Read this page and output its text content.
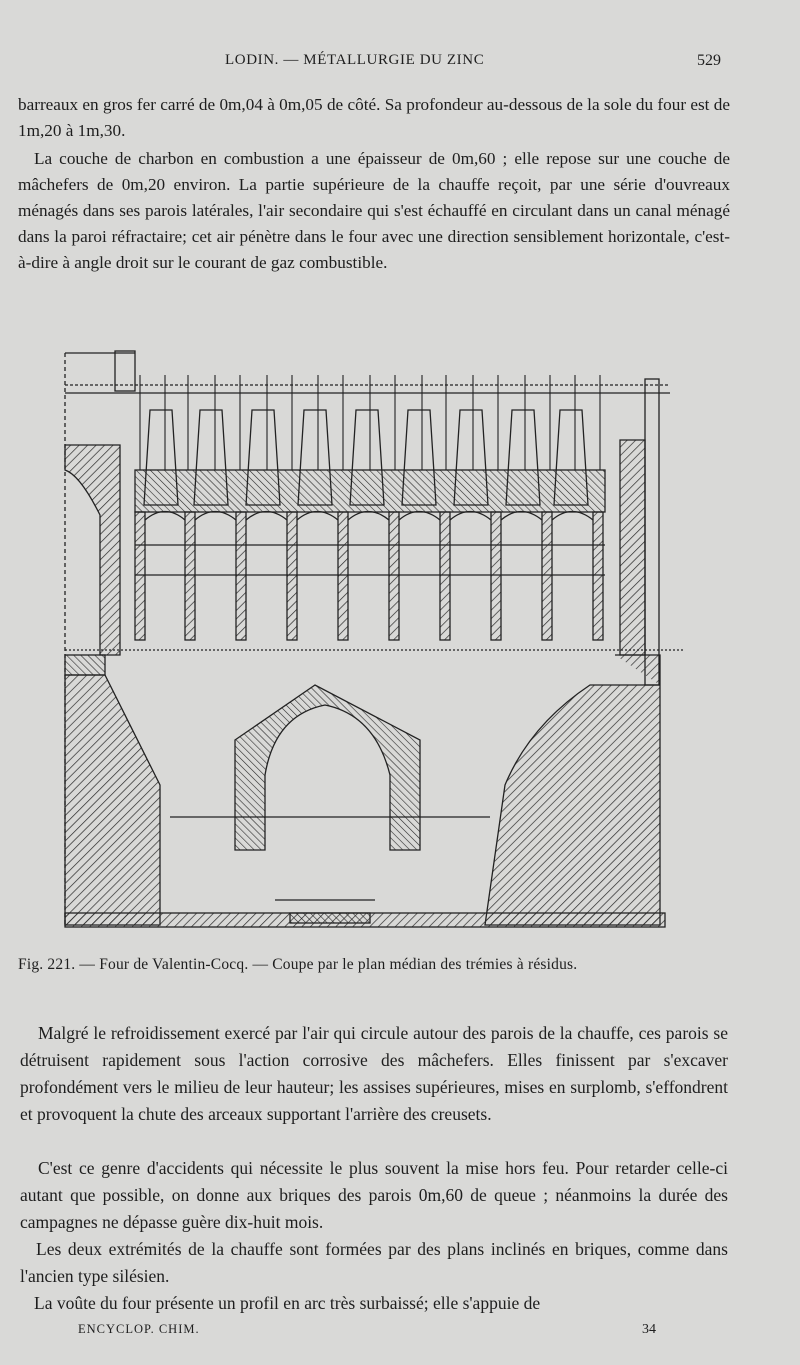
LODIN. — MÉTALLURGIE DU ZINC	529
barreaux en gros fer carré de 0m,04 à 0m,05 de côté. Sa profondeur au-dessous de la sole du four est de 1m,20 à 1m,30.
La couche de charbon en combustion a une épaisseur de 0m,60 ; elle repose sur une couche de mâchefers de 0m,20 environ. La partie supérieure de la chauffe reçoit, par une série d'ouvreaux ménagés dans ses parois latérales, l'air secondaire qui s'est échauffé en circulant dans un canal ménagé dans la paroi réfractaire; cet air pénètre dans le four avec une direction sensiblement horizontale, c'est-à-dire à angle droit sur le courant de gaz combustible.
Fig. 221. — Four de Valentin-Cocq. — Coupe par le plan médian des trémies à résidus.
Malgré le refroidissement exercé par l'air qui circule autour des parois de la chauffe, ces parois se détruisent rapidement sous l'action corrosive des mâchefers. Elles finissent par s'excaver profondément vers le milieu de leur hauteur; les assises supérieures, mises en surplomb, s'effondrent et provoquent la chute des arceaux supportant l'arrière des creusets.
C'est ce genre d'accidents qui nécessite le plus souvent la mise hors feu. Pour retarder celle-ci autant que possible, on donne aux briques des parois 0m,60 de queue ; néanmoins la durée des campagnes ne dépasse guère dix-huit mois.
Les deux extrémités de la chauffe sont formées par des plans inclinés en briques, comme dans l'ancien type silésien.
La voûte du four présente un profil en arc très surbaissé; elle s'appuie de
ENCYCLOP. CHIM.	34
